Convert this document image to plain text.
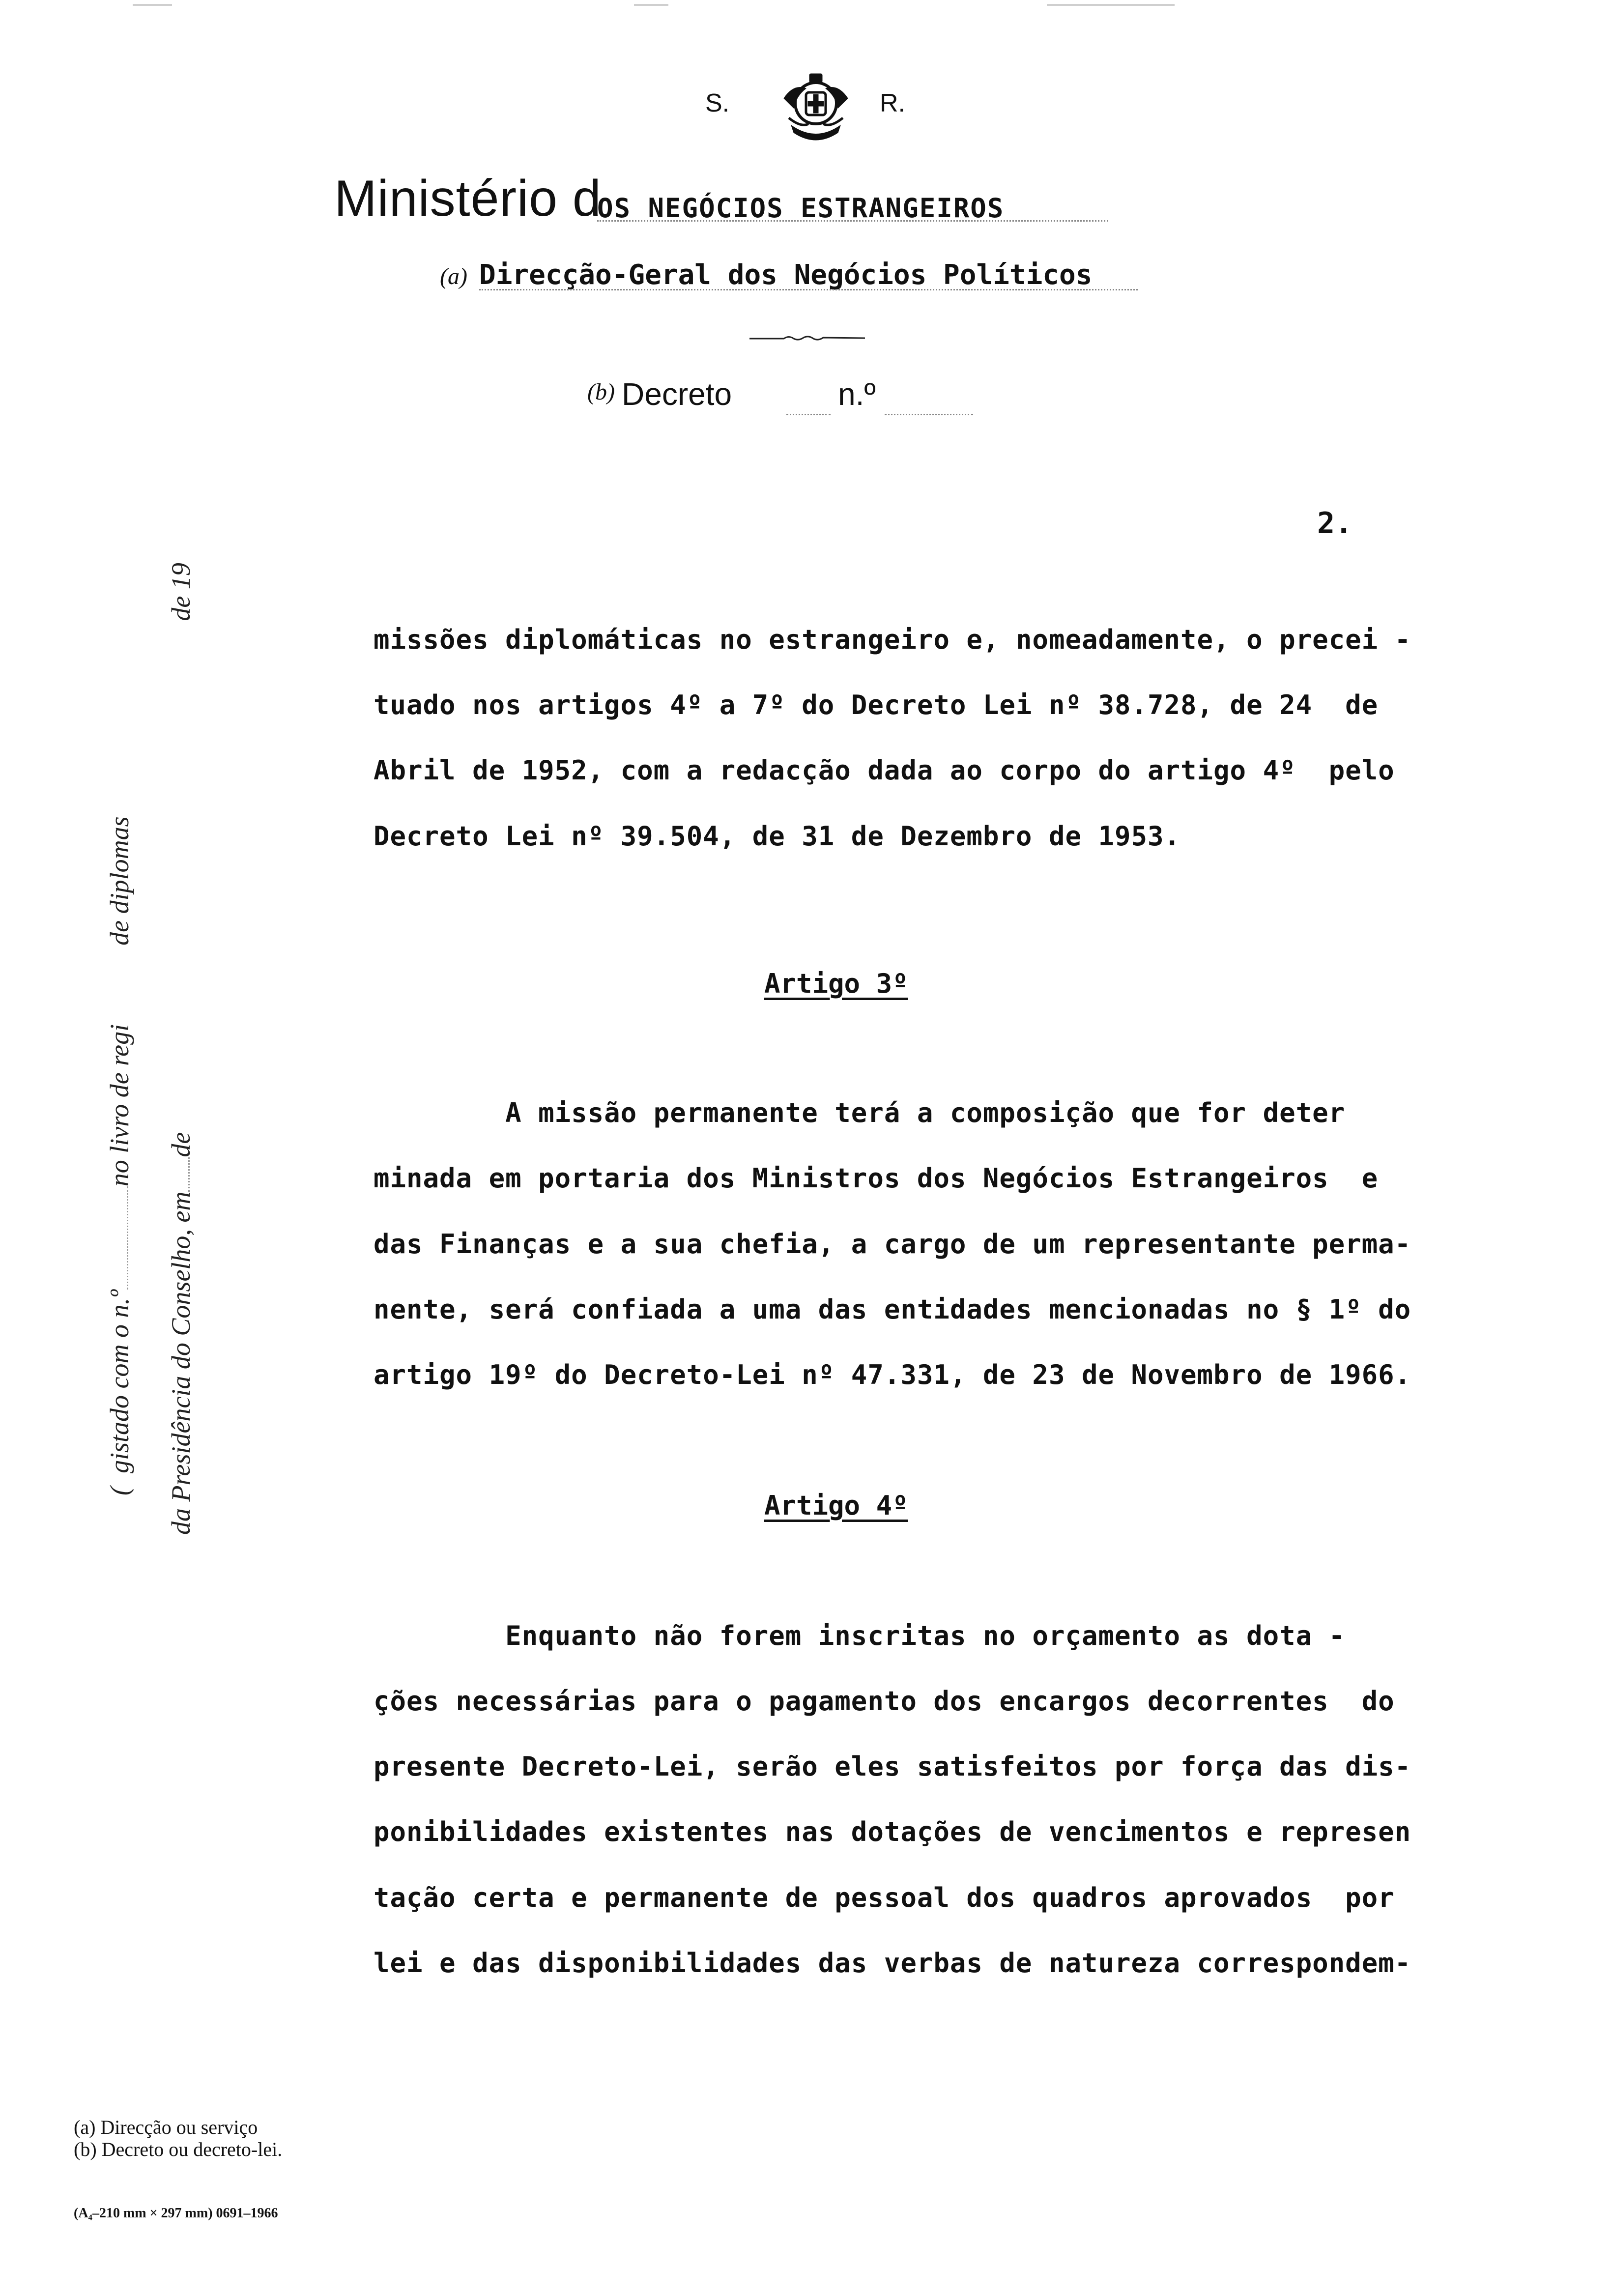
S.	R.
Ministério d
OS NEGÓCIOS ESTRANGEIROS
(a) Direcção-Geral dos Negócios Políticos
(b) Decreto	n.º
2.
missões diplomáticas no estrangeiro e, nomeadamente, o precei -
tuado nos artigos 4º a 7º do Decreto Lei nº 38.728, de 24  de
Abril de 1952, com a redacção dada ao corpo do artigo 4º  pelo
Decreto Lei nº 39.504, de 31 de Dezembro de 1953.
Artigo 3º
A missão permanente terá a composição que for deter
minada em portaria dos Ministros dos Negócios Estrangeiros  e
das Finanças e a sua chefia, a cargo de um representante perma-
nente, será confiada a uma das entidades mencionadas no § 1º do
artigo 19º do Decreto-Lei nº 47.331, de 23 de Novembro de 1966.
Artigo 4º
Enquanto não forem inscritas no orçamento as dota -
ções necessárias para o pagamento dos encargos decorrentes  do
presente Decreto-Lei, serão eles satisfeitos por força das dis-
ponibilidades existentes nas dotações de vencimentos e represen
tação certa e permanente de pessoal dos quadros aprovados  por
lei e das disponibilidades das verbas de natureza correspondem-

(  gistado com o n.ºno livro de regide diplomas

da Presidência do Conselho, emdede 19

(a) Direcção ou serviço
(b) Decreto ou decreto-lei.
(A₄–210 mm × 297 mm) 0691–1966
